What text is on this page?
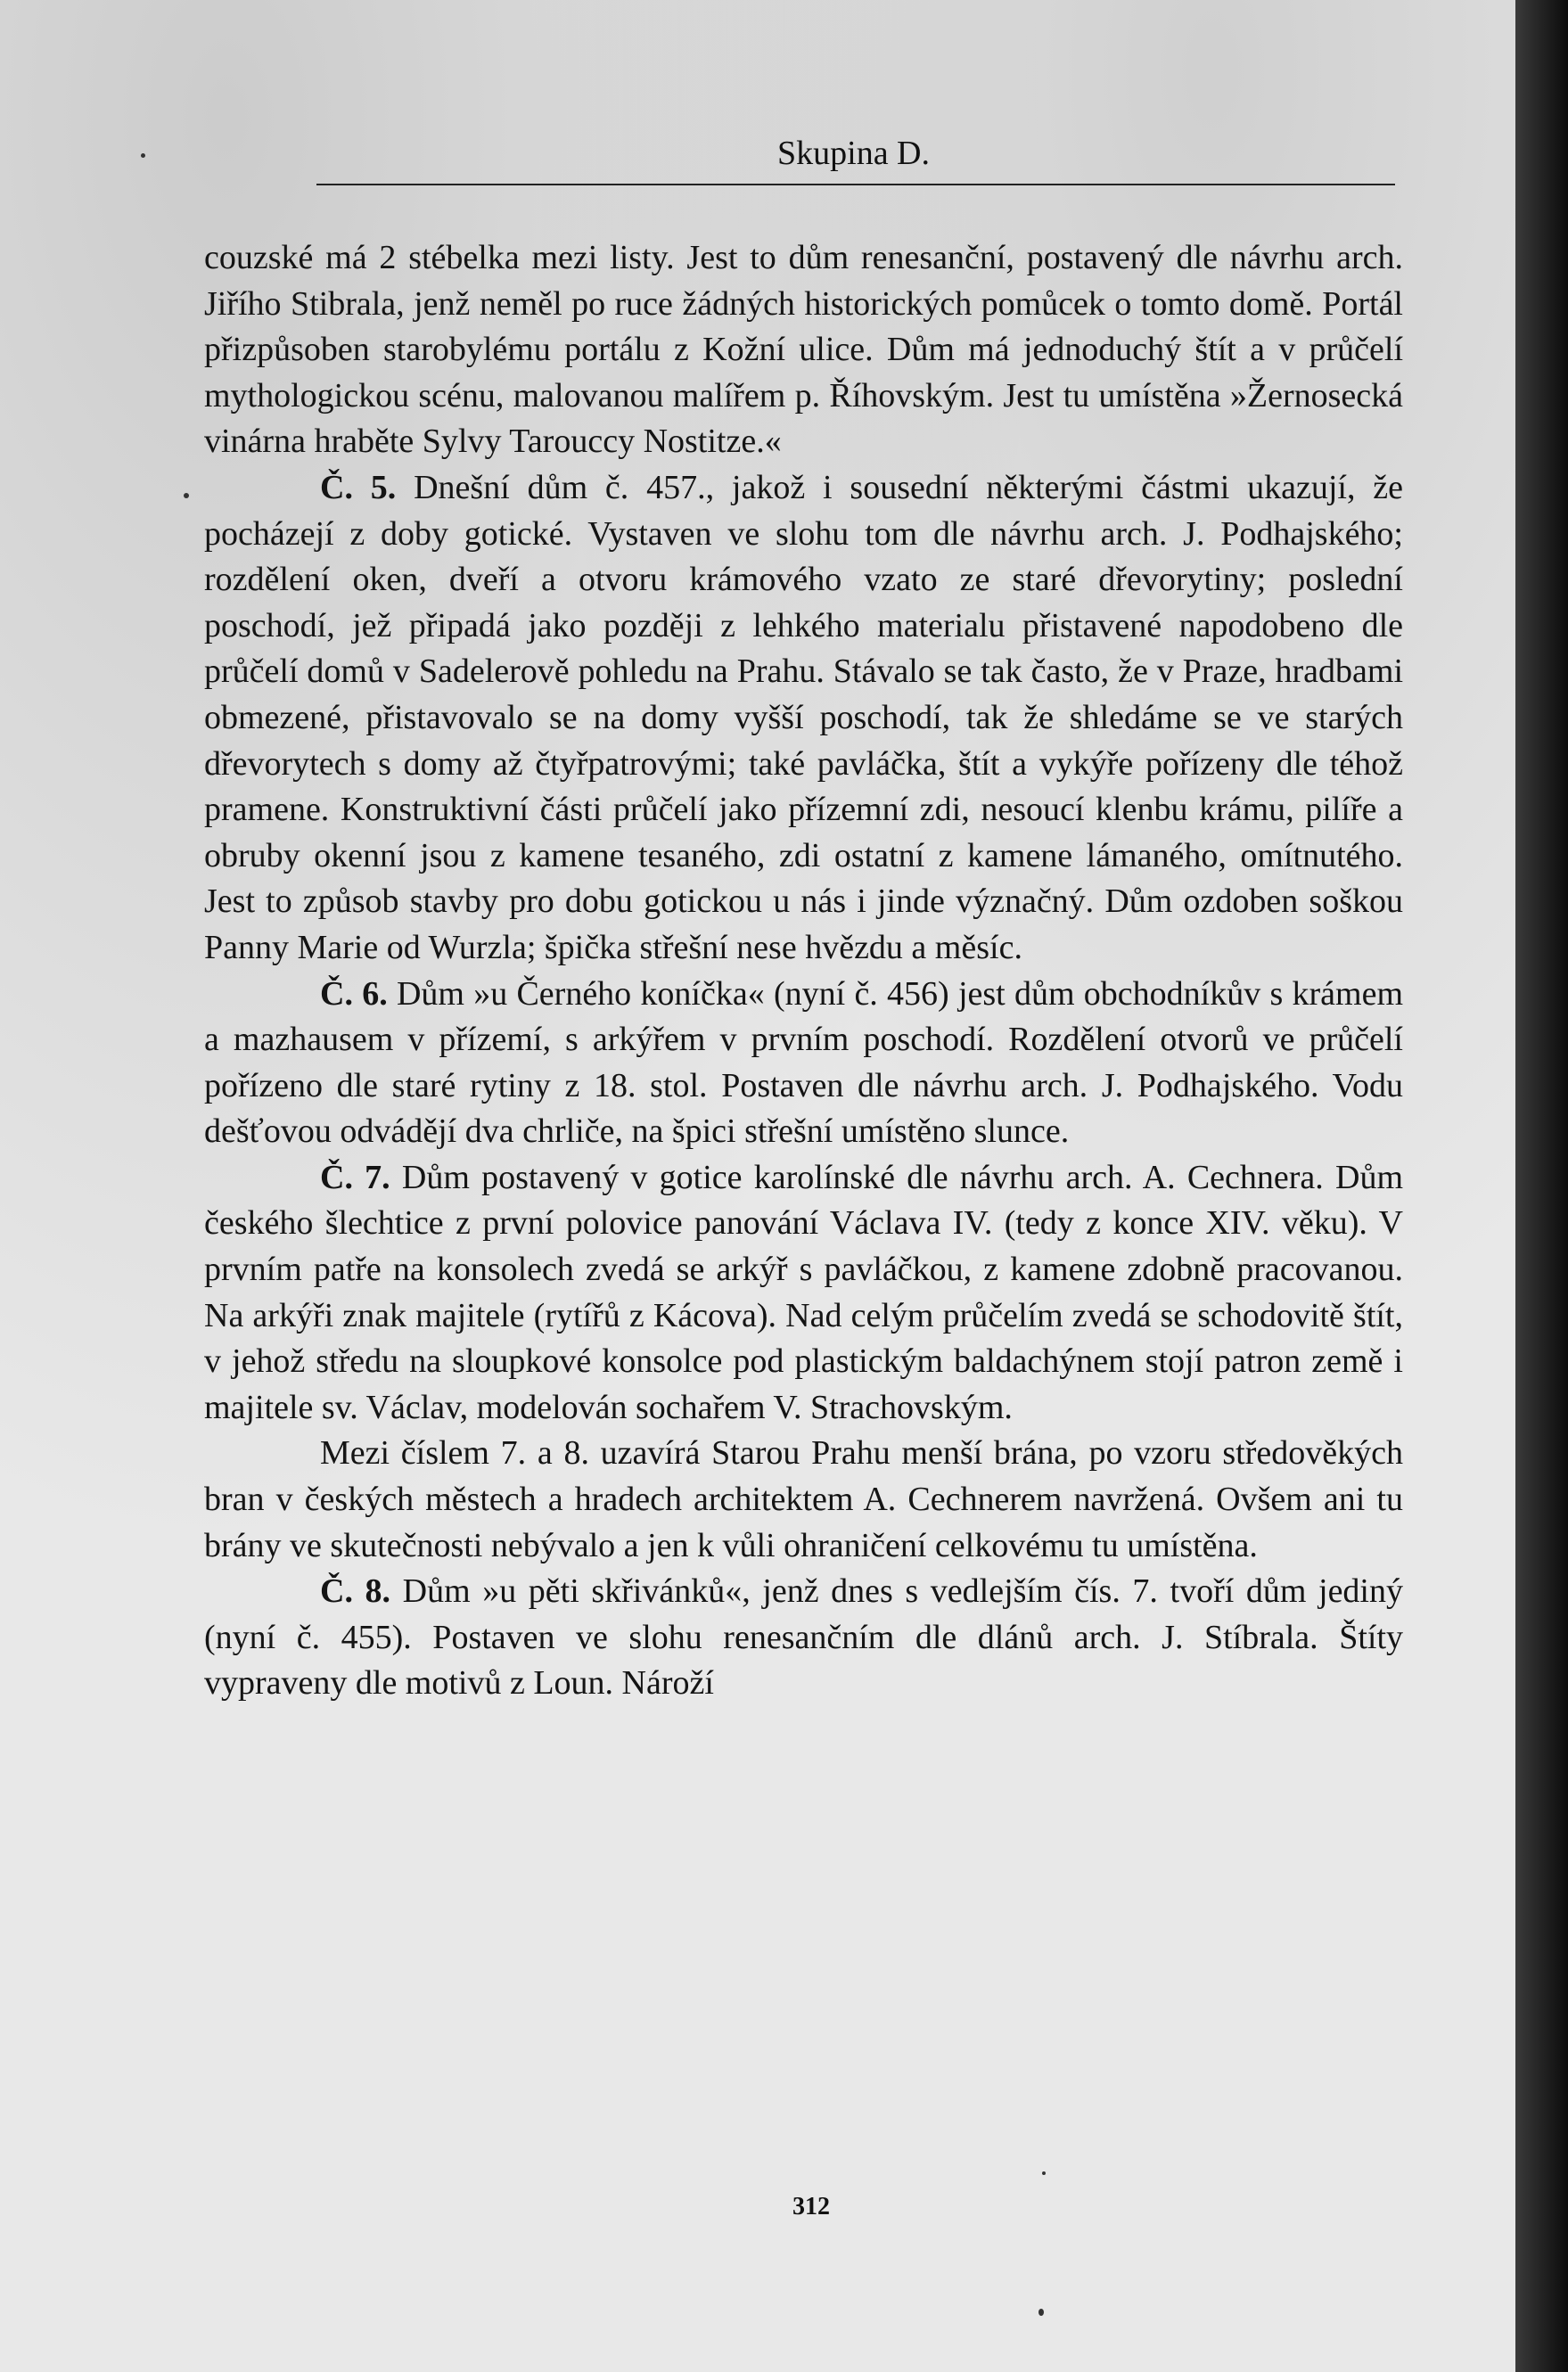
Skupina D.

couzské má 2 stébelka mezi listy. Jest to dům renesanční, postavený dle návrhu arch. Jiřího Stibrala, jenž neměl po ruce žádných historických pomůcek o tomto domě. Portál přizpůsoben starobylému portálu z Kožní ulice. Dům má jednoduchý štít a v průčelí mythologickou scénu, malovanou malířem p. Říhovským. Jest tu umístěna »Žernosecká vinárna hraběte Sylvy Tarouccy Nostitze.«

Č. 5. Dnešní dům č. 457., jakož i sousední některými částmi ukazují, že pocházejí z doby gotické. Vystaven ve slohu tom dle návrhu arch. J. Podhajského; rozdělení oken, dveří a otvoru krámového vzato ze staré dřevorytiny; poslední poschodí, jež připadá jako později z lehkého materialu přistavené napodobeno dle průčelí domů v Sadelerově pohledu na Prahu. Stávalo se tak často, že v Praze, hradbami obmezené, přistavovalo se na domy vyšší poschodí, tak že shledáme se ve starých dřevorytech s domy až čtyřpatrovými; také pavláčka, štít a vykýře pořízeny dle téhož pramene. Konstruktivní části průčelí jako přízemní zdi, nesoucí klenbu krámu, pilíře a obruby okenní jsou z kamene tesaného, zdi ostatní z kamene lámaného, omítnutého. Jest to způsob stavby pro dobu gotickou u nás i jinde význačný. Dům ozdoben soškou Panny Marie od Wurzla; špička střešní nese hvězdu a měsíc.

Č. 6. Dům »u Černého koníčka« (nyní č. 456) jest dům obchodníkův s krámem a mazhausem v přízemí, s arkýřem v prvním poschodí. Rozdělení otvorů ve průčelí pořízeno dle staré rytiny z 18. stol. Postaven dle návrhu arch. J. Podhajského. Vodu dešťovou odvádějí dva chrliče, na špici střešní umístěno slunce.

Č. 7. Dům postavený v gotice karolínské dle návrhu arch. A. Cechnera. Dům českého šlechtice z první polovice panování Václava IV. (tedy z konce XIV. věku). V prvním patře na konsolech zvedá se arkýř s pavláčkou, z kamene zdobně pracovanou. Na arkýři znak majitele (rytířů z Kácova). Nad celým průčelím zvedá se schodovitě štít, v jehož středu na sloupkové konsolce pod plastickým baldachýnem stojí patron země i majitele sv. Václav, modelován sochařem V. Strachovským.

Mezi číslem 7. a 8. uzavírá Starou Prahu menší brána, po vzoru středověkých bran v českých městech a hradech architektem A. Cechnerem navržená. Ovšem ani tu brány ve skutečnosti nebývalo a jen k vůli ohraničení celkovému tu umístěna.

Č. 8. Dům »u pěti skřivánků«, jenž dnes s vedlejším čís. 7. tvoří dům jediný (nyní č. 455). Postaven ve slohu renesančním dle dlánů arch. J. Stíbrala. Štíty vypraveny dle motivů z Loun. Nároží

312
